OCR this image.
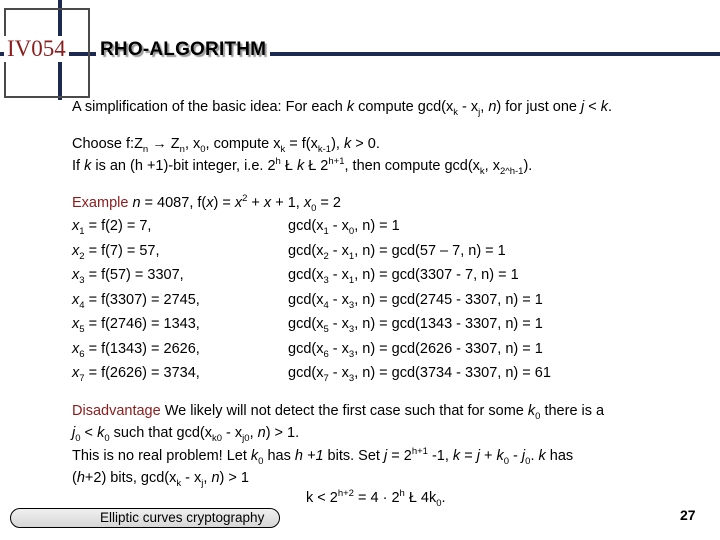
IV054 RHO-ALGORITHM

A simplification of the basic idea: For each k compute $\gcd(x_k - x_j$, n) for just one j < k.

Choose $f:Z_n \to Z_n$, $x_0$, compute $x_k = f(x_{k-1})$, k > 0.

If k is an (h +1)-bit integer, i.e. 2$^h$ Ł k Ł $2^{h+1}$, then compute $\gcd(x_k$, $x_{2\^{}h-1}$).

Example n = 4087, $f(x) = x^2 + x + 1$, $x_0 = 2$

$x_1 = f(2) = 7$,	$\gcd(x_1 - x_0$, n) = 1
$x_2 = f(7) = 57$,	$\gcd(x_2 - x_1$, n) = gcd(57 – 7, n) = 1
$x_3 = f(57) = 3307$,	$\gcd(x_3 - x_1$, n) = gcd(3307 - 7, n) = 1
$x_4 = f(3307) = 2745$,	$\gcd(x_4 - x_3$, n) = gcd(2745 - 3307, n) = 1
$x_5 = f(2746) = 1343$,	$\gcd(x_5 - x_3$, n) = gcd(1343 - 3307, n) = 1
$x_6 = f(1343) = 2626$,	$\gcd(x_6 - x_3$, n) = gcd(2626 - 3307, n) = 1
$x_7 = f(2626) = 3734$,	$\gcd(x_7 - x_3$, n) = gcd(3734 - 3307, n) = 61

Disadvantage We likely will not detect the first case such that for some $k_0$ there is a

$j_0 < k_0$ such that $\gcd(x_{k0} - x_{j0}$, n) > 1.

This is no real problem! Let $k_0$ has h +1 bits. Set $j = 2^{h+1}$ -1, $k = j + k_0 - j_0$. k has

(h+2) bits, $\gcd(x_k - x_j$, n) > 1

$k < 2^{h+2} = 4 \cdot 2^h$ Ł $4k_0$.
Elliptic curves cryptography	27
